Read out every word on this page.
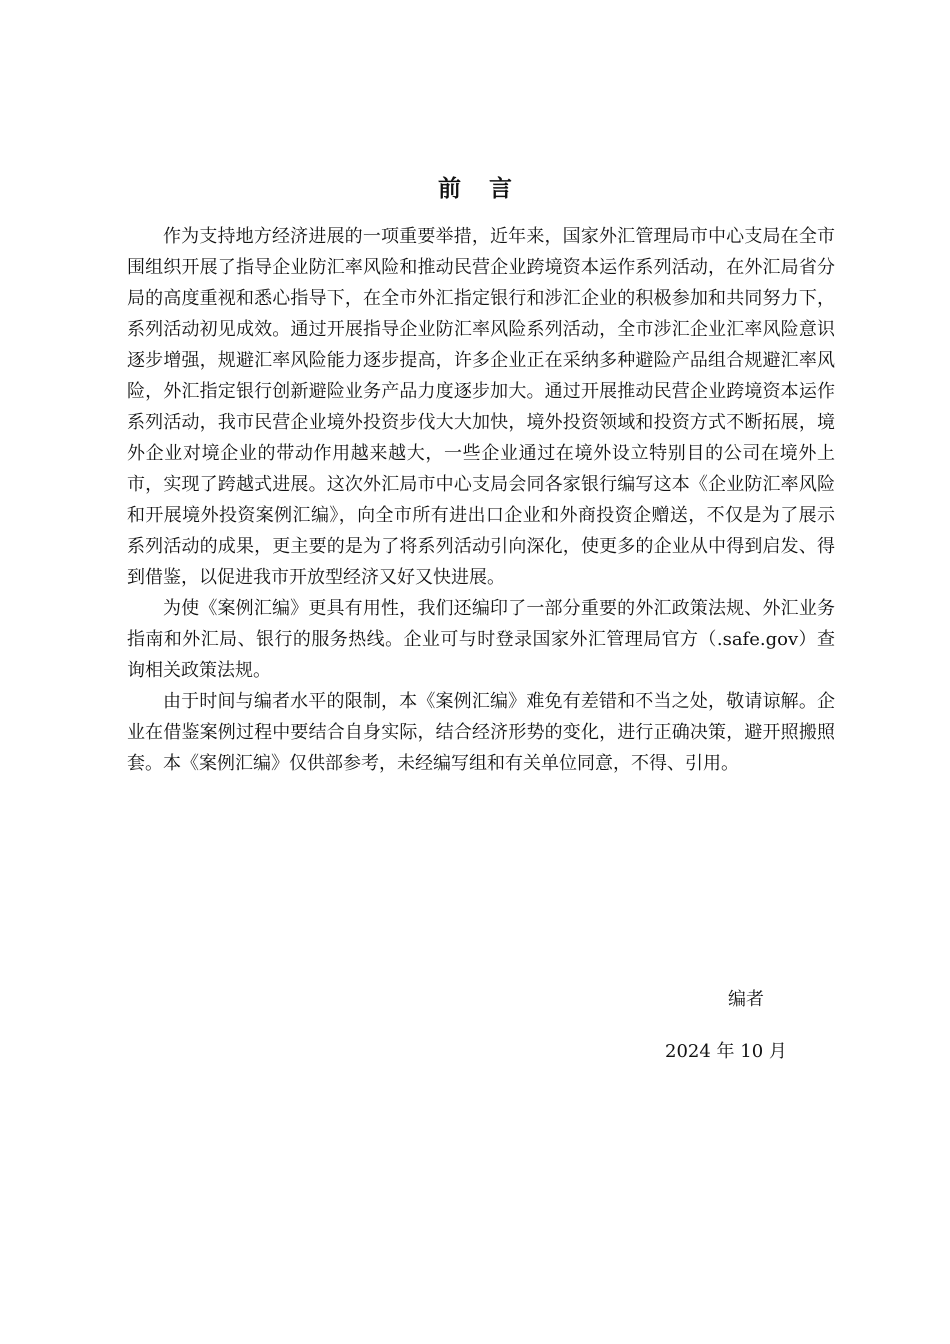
前 言

作为支持地方经济进展的一项重要举措，近年来，国家外汇管理局市中心支局在全市围组织开展了指导企业防汇率风险和推动民营企业跨境资本运作系列活动，在外汇局省分局的高度重视和悉心指导下，在全市外汇指定银行和涉汇企业的积极参加和共同努力下，系列活动初见成效。通过开展指导企业防汇率风险系列活动，全市涉汇企业汇率风险意识逐步增强，规避汇率风险能力逐步提高，许多企业正在采纳多种避险产品组合规避汇率风险，外汇指定银行创新避险业务产品力度逐步加大。通过开展推动民营企业跨境资本运作系列活动，我市民营企业境外投资步伐大大加快，境外投资领域和投资方式不断拓展，境外企业对境企业的带动作用越来越大，一些企业通过在境外设立特别目的公司在境外上市，实现了跨越式进展。这次外汇局市中心支局会同各家银行编写这本《企业防汇率风险和开展境外投资案例汇编》，向全市所有进出口企业和外商投资企赠送，不仅是为了展示系列活动的成果，更主要的是为了将系列活动引向深化，使更多的企业从中得到启发、得到借鉴，以促进我市开放型经济又好又快进展。

为使《案例汇编》更具有用性，我们还编印了一部分重要的外汇政策法规、外汇业务指南和外汇局、银行的服务热线。企业可与时登录国家外汇管理局官方（.safe.gov）查询相关政策法规。

由于时间与编者水平的限制，本《案例汇编》难免有差错和不当之处，敬请谅解。企业在借鉴案例过程中要结合自身实际，结合经济形势的变化，进行正确决策，避开照搬照套。本《案例汇编》仅供部参考，未经编写组和有关单位同意，不得、引用。

编者
2024 年 10 月
